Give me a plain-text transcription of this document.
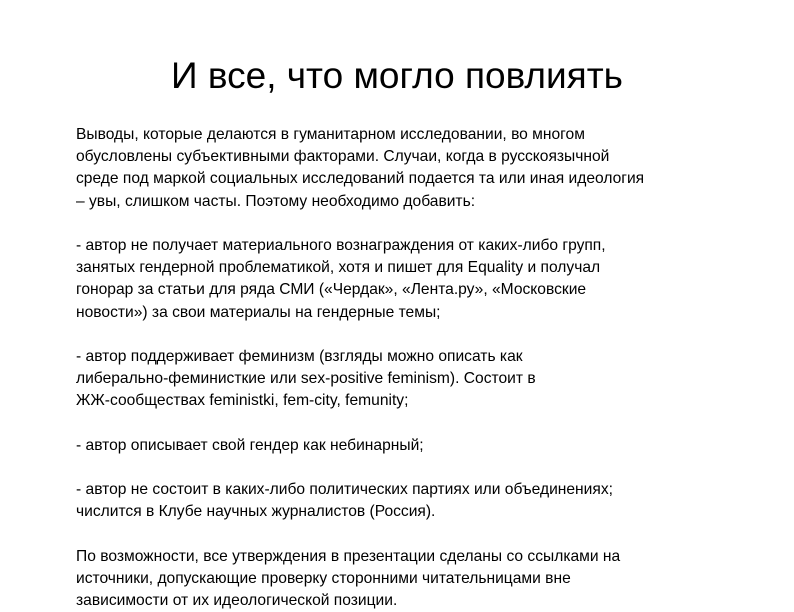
И все, что могло повлиять

Выводы, которые делаются в гуманитарном исследовании, во многом
обусловлены субъективными факторами. Случаи, когда в русскоязычной
среде под маркой социальных исследований подается та или иная идеология
– увы, слишком часты. Поэтому необходимо добавить:

- автор не получает материального вознаграждения от каких-либо групп,
занятых гендерной проблематикой, хотя и пишет для Equality и получал
гонорар за статьи для ряда СМИ («Чердак», «Лента.ру», «Московские
новости») за свои материалы на гендерные темы;

- автор поддерживает феминизм (взгляды можно описать как
либерально-феминисткие или sex-positive feminism). Состоит в
ЖЖ-сообществах feministki, fem-city, femunity;

- автор описывает свой гендер как небинарный;

- автор не состоит в каких-либо политических партиях или объединениях;
числится в Клубе научных журналистов (Россия).

По возможности, все утверждения в презентации сделаны со ссылками на
источники, допускающие проверку сторонними читательницами вне
зависимости от их идеологической позиции.
